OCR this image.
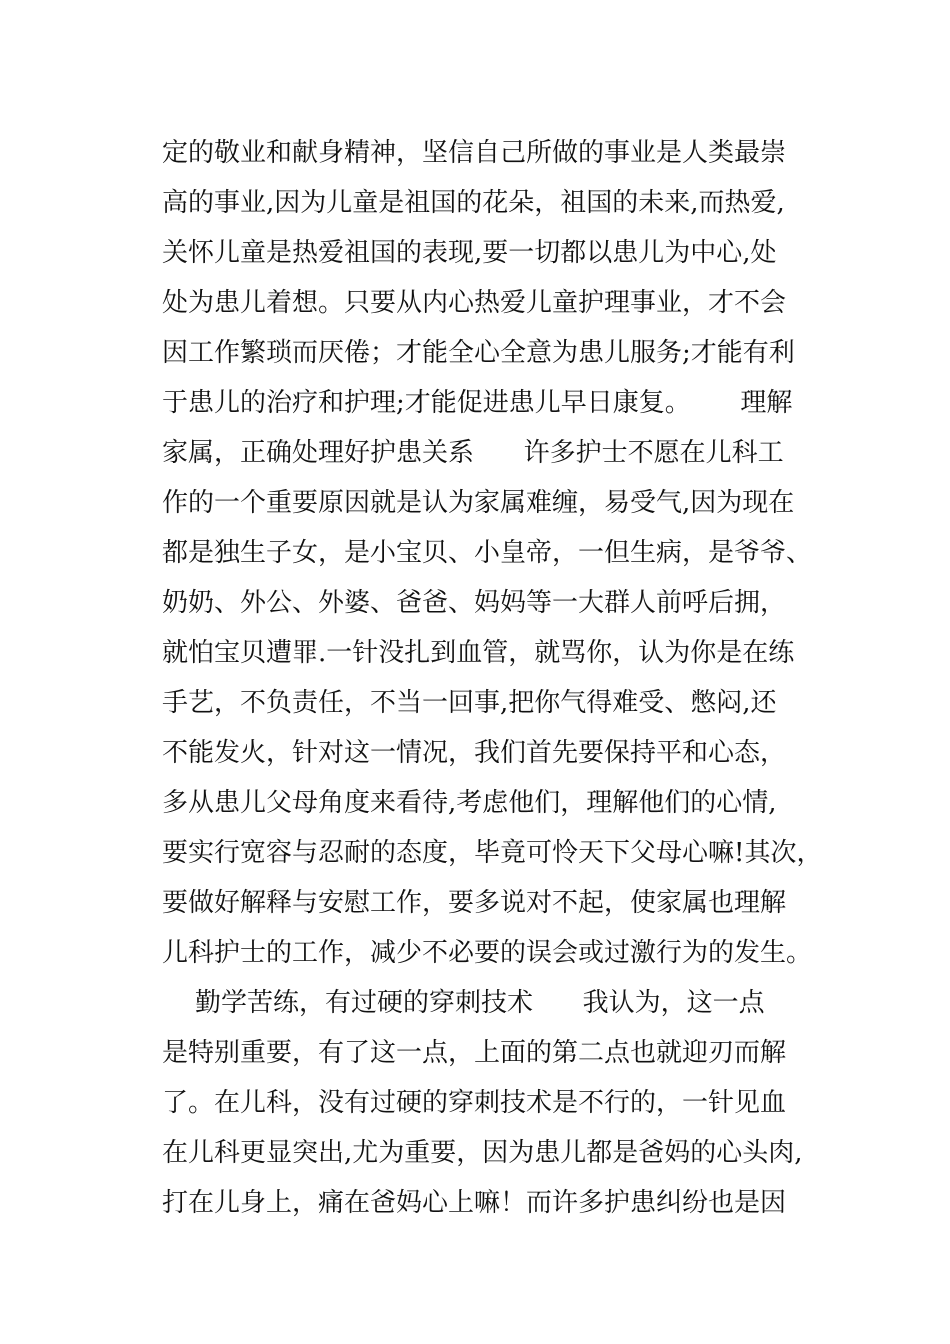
定的敬业和献身精神，坚信自己所做的事业是人类最崇
高的事业,因为儿童是祖国的花朵，祖国的未来,而热爱,
关怀儿童是热爱祖国的表现,要一切都以患儿为中心,处
处为患儿着想。只要从内心热爱儿童护理事业，才不会
因工作繁琐而厌倦；才能全心全意为患儿服务;才能有利
于患儿的治疗和护理;才能促进患儿早日康复。      理解
家属，正确处理好护患关系      许多护士不愿在儿科工
作的一个重要原因就是认为家属难缠，易受气,因为现在
都是独生子女，是小宝贝、小皇帝，一但生病，是爷爷、
奶奶、外公、外婆、爸爸、妈妈等一大群人前呼后拥，
就怕宝贝遭罪.一针没扎到血管，就骂你，认为你是在练
手艺，不负责任，不当一回事,把你气得难受、憋闷,还
不能发火，针对这一情况，我们首先要保持平和心态，
多从患儿父母角度来看待,考虑他们，理解他们的心情,
要实行宽容与忍耐的态度，毕竟可怜天下父母心嘛!其次，
要做好解释与安慰工作，要多说对不起，使家属也理解
儿科护士的工作，减少不必要的误会或过激行为的发生。
勤学苦练，有过硬的穿刺技术      我认为，这一点
是特别重要，有了这一点，上面的第二点也就迎刃而解
了。在儿科，没有过硬的穿刺技术是不行的，一针见血
在儿科更显突出,尤为重要，因为患儿都是爸妈的心头肉,
打在儿身上，痛在爸妈心上嘛！而许多护患纠纷也是因
